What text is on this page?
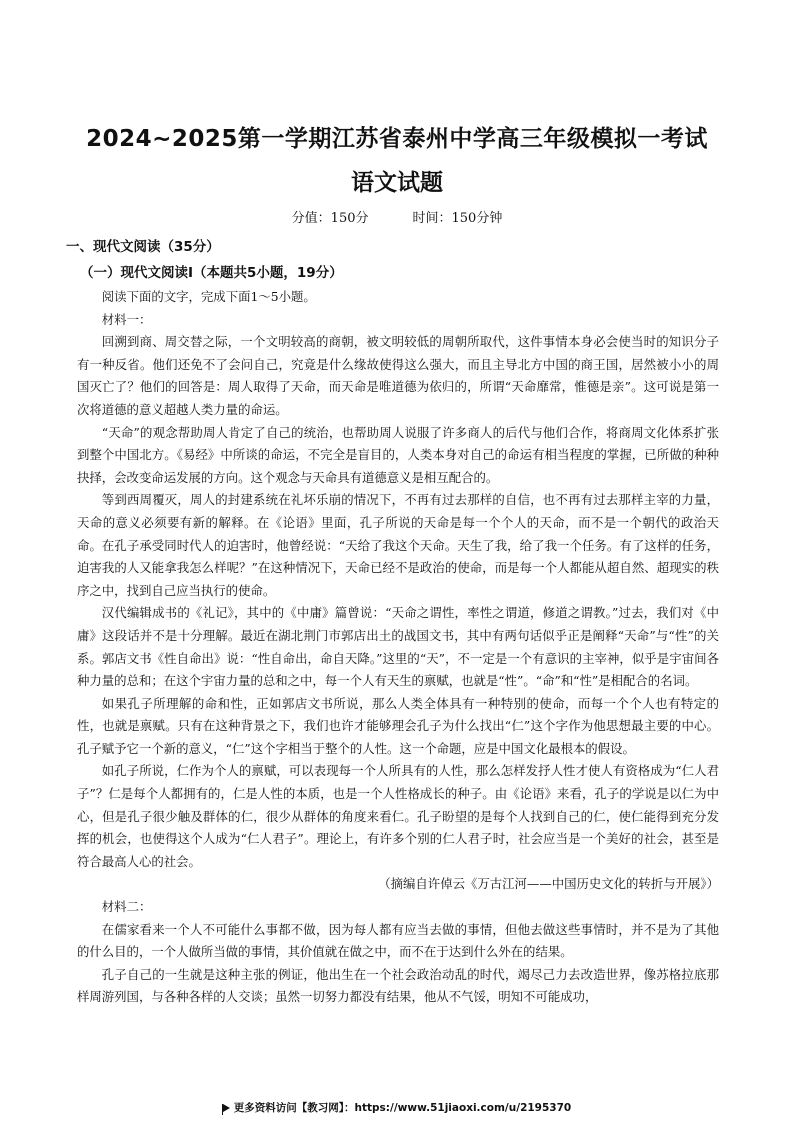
2024~2025第一学期江苏省泰州中学高三年级模拟一考试
语文试题
分值：150分	时间：150分钟
一、现代文阅读（35分）
（一）现代文阅读Ⅰ（本题共5小题，19分）

阅读下面的文字，完成下面1～5小题。

材料一：

回溯到商、周交替之际，一个文明较高的商朝，被文明较低的周朝所取代，这件事情本身必会使当时的知识分子有一种反省。他们还免不了会问自己，究竟是什么缘故使得这么强大，而且主导北方中国的商王国，居然被小小的周国灭亡了？他们的回答是：周人取得了天命，而天命是唯道德为依归的，所谓“天命靡常，惟德是亲”。这可说是第一次将道德的意义超越人类力量的命运。

“天命”的观念帮助周人肯定了自己的统治，也帮助周人说服了许多商人的后代与他们合作，将商周文化体系扩张到整个中国北方。《易经》中所谈的命运，不完全是盲目的，人类本身对自己的命运有相当程度的掌握，已所做的种种抉择，会改变命运发展的方向。这个观念与天命具有道德意义是相互配合的。

等到西周覆灭，周人的封建系统在礼坏乐崩的情况下，不再有过去那样的自信，也不再有过去那样主宰的力量，天命的意义必须要有新的解释。在《论语》里面，孔子所说的天命是每一个个人的天命，而不是一个朝代的政治天命。在孔子承受同时代人的迫害时，他曾经说：“天给了我这个天命。天生了我，给了我一个任务。有了这样的任务，迫害我的人又能拿我怎么样呢？”在这种情况下，天命已经不是政治的使命，而是每一个人都能从超自然、超现实的秩序之中，找到自己应当执行的使命。

汉代编辑成书的《礼记》，其中的《中庸》篇曾说：“天命之谓性，率性之谓道，修道之谓教。”过去，我们对《中庸》这段话并不是十分理解。最近在湖北荆门市郭店出土的战国文书，其中有两句话似乎正是阐释“天命”与“性”的关系。郭店文书《性自命出》说：“性自命出，命自天降。”这里的“天”，不一定是一个有意识的主宰神，似乎是宇宙间各种力量的总和；在这个宇宙力量的总和之中，每一个人有天生的禀赋，也就是“性”。“命”和“性”是相配合的名词。

如果孔子所理解的命和性，正如郭店文书所说，那么人类全体具有一种特别的使命，而每一个个人也有特定的性，也就是禀赋。只有在这种背景之下，我们也许才能够理会孔子为什么找出“仁”这个字作为他思想最主要的中心。孔子赋予它一个新的意义，“仁”这个字相当于整个的人性。这一个命题，应是中国文化最根本的假设。

如孔子所说，仁作为个人的禀赋，可以表现每一个人所具有的人性，那么怎样发抒人性才使人有资格成为“仁人君子”？仁是每个人都拥有的，仁是人性的本质，也是一个人性格成长的种子。由《论语》来看，孔子的学说是以仁为中心，但是孔子很少触及群体的仁，很少从群体的角度来看仁。孔子盼望的是每个人找到自己的仁，使仁能得到充分发挥的机会，也使得这个人成为“仁人君子”。理论上，有许多个别的仁人君子时，社会应当是一个美好的社会，甚至是符合最高人心的社会。

（摘编自许倬云《万古江河——中国历史文化的转折与开展》）

材料二：

在儒家看来一个人不可能什么事都不做，因为每人都有应当去做的事情，但他去做这些事情时，并不是为了其他的什么目的，一个人做所当做的事情，其价值就在做之中，而不在于达到什么外在的结果。

孔子自己的一生就是这种主张的例证，他出生在一个社会政治动乱的时代，竭尽己力去改造世界，像苏格拉底那样周游列国，与各种各样的人交谈；虽然一切努力都没有结果，他从不气馁，明知不可能成功，

更多资料访问【教习网】：https://www.51jiaoxi.com/u/2195370
